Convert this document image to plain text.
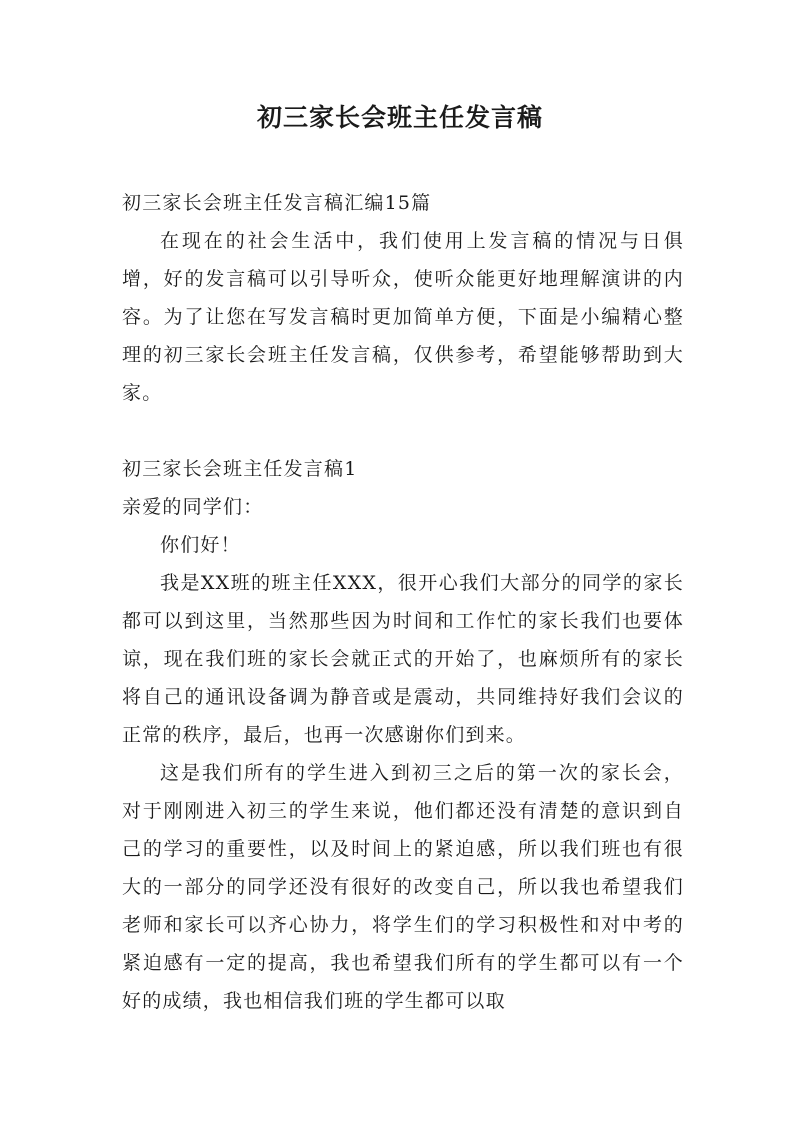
初三家长会班主任发言稿

初三家长会班主任发言稿汇编15篇

在现在的社会生活中，我们使用上发言稿的情况与日俱增，好的发言稿可以引导听众，使听众能更好地理解演讲的内容。为了让您在写发言稿时更加简单方便，下面是小编精心整理的初三家长会班主任发言稿，仅供参考，希望能够帮助到大家。

初三家长会班主任发言稿1

亲爱的同学们：

你们好！

我是XX班的班主任XXX，很开心我们大部分的同学的家长都可以到这里，当然那些因为时间和工作忙的家长我们也要体谅，现在我们班的家长会就正式的开始了，也麻烦所有的家长将自己的通讯设备调为静音或是震动，共同维持好我们会议的正常的秩序，最后，也再一次感谢你们到来。

这是我们所有的学生进入到初三之后的第一次的家长会，对于刚刚进入初三的学生来说，他们都还没有清楚的意识到自己的学习的重要性，以及时间上的紧迫感，所以我们班也有很大的一部分的同学还没有很好的改变自己，所以我也希望我们老师和家长可以齐心协力，将学生们的学习积极性和对中考的紧迫感有一定的提高，我也希望我们所有的学生都可以有一个好的成绩，我也相信我们班的学生都可以取
